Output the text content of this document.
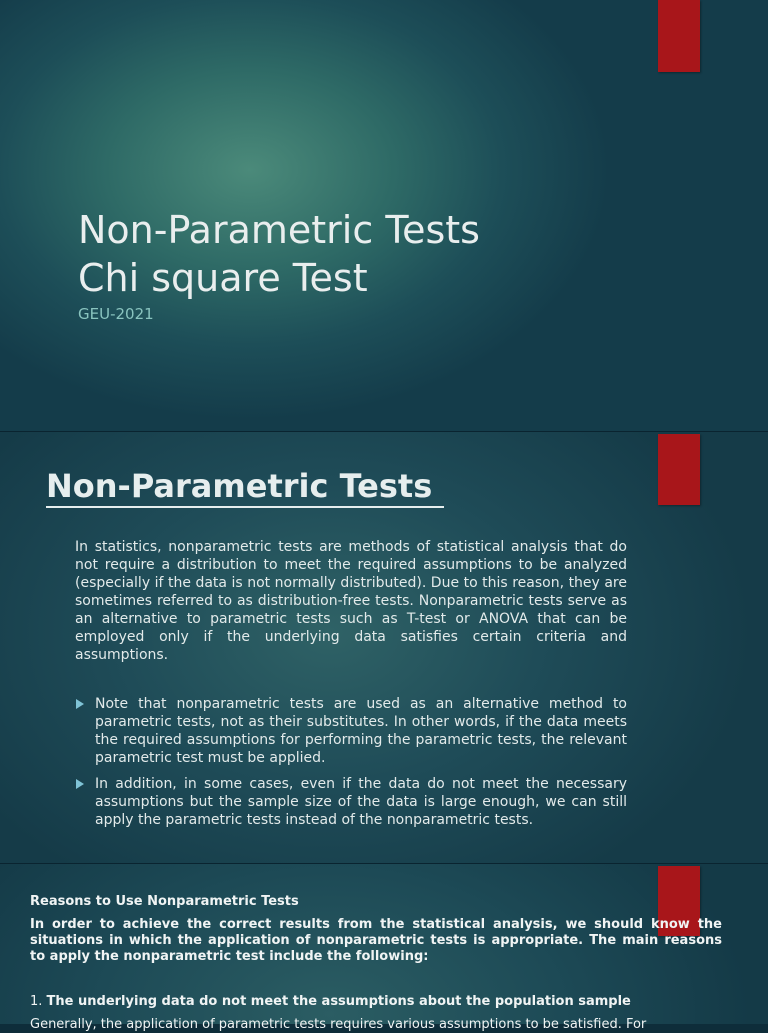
Non-Parametric Tests
Chi square Test
GEU-2021
Non-Parametric Tests

In statistics, nonparametric tests are methods of statistical analysis that do not require a distribution to meet the required assumptions to be analyzed (especially if the data is not normally distributed). Due to this reason, they are sometimes referred to as distribution-free tests. Nonparametric tests serve as an alternative to parametric tests such as T-test or ANOVA that can be employed only if the underlying data satisfies certain criteria and assumptions.

Note that nonparametric tests are used as an alternative method to parametric tests, not as their substitutes. In other words, if the data meets the required assumptions for performing the parametric tests, the relevant parametric test must be applied.
In addition, in some cases, even if the data do not meet the necessary assumptions but the sample size of the data is large enough, we can still apply the parametric tests instead of the nonparametric tests.
Reasons to Use Nonparametric Tests

In order to achieve the correct results from the statistical analysis, we should know the situations in which the application of nonparametric tests is appropriate. The main reasons to apply the nonparametric test include the following:

1. The underlying data do not meet the assumptions about the population sample

Generally, the application of parametric tests requires various assumptions to be satisfied. For
